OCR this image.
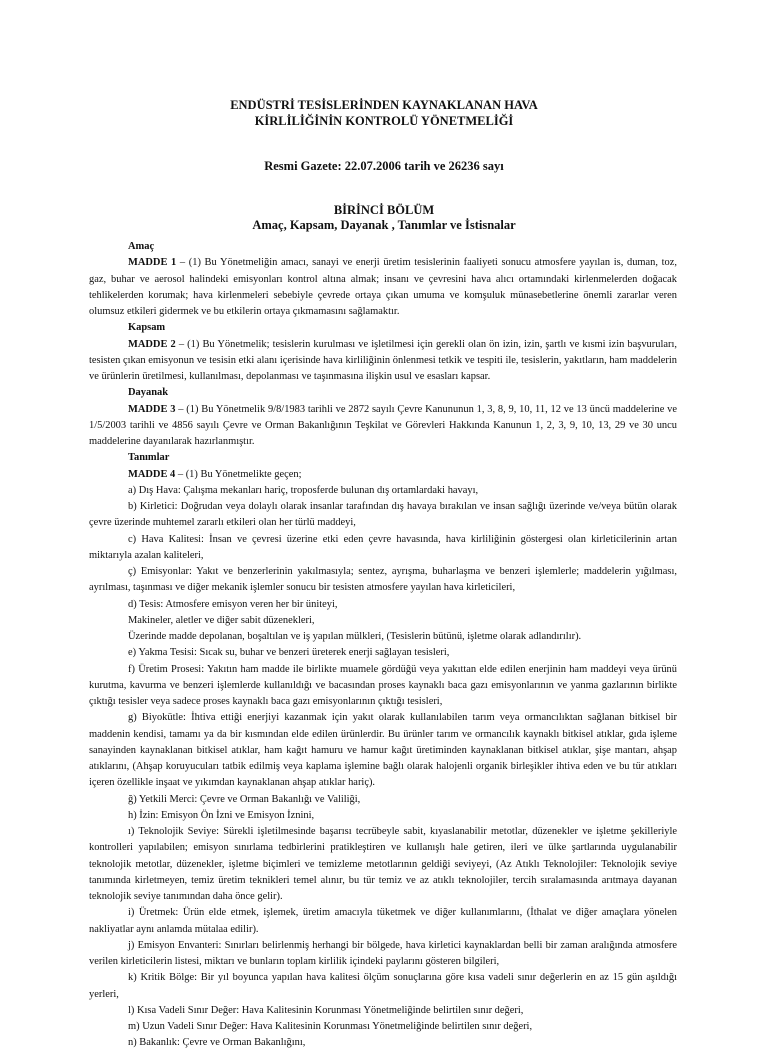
ENDÜSTRİ TESİSLERİNDEN KAYNAKLANAN HAVA
KİRLİLİĞİNİN KONTROLÜ YÖNETMELİĞİ
Resmi Gazete: 22.07.2006 tarih ve 26236 sayı
BİRİNCİ BÖLÜM
Amaç, Kapsam, Dayanak , Tanımlar ve İstisnalar

Amaç

MADDE 1 – (1) Bu Yönetmeliğin amacı, sanayi ve enerji üretim tesislerinin faaliyeti sonucu atmosfere yayılan is, duman, toz, gaz, buhar ve aerosol halindeki emisyonları kontrol altına almak; insanı ve çevresini hava alıcı ortamındaki kirlenmelerden doğacak tehlikelerden korumak; hava kirlenmeleri sebebiyle çevrede ortaya çıkan umuma ve komşuluk münasebetlerine önemli zararlar veren olumsuz etkileri gidermek ve bu etkilerin ortaya çıkmamasını sağlamaktır.

Kapsam

MADDE 2 – (1) Bu Yönetmelik; tesislerin kurulması ve işletilmesi için gerekli olan ön izin, izin, şartlı ve kısmi izin başvuruları, tesisten çıkan emisyonun ve tesisin etki alanı içerisinde hava kirliliğinin önlenmesi tetkik ve tespiti ile, tesislerin, yakıtların, ham maddelerin ve ürünlerin üretilmesi, kullanılması, depolanması ve taşınmasına ilişkin usul ve esasları kapsar.

Dayanak

MADDE 3 – (1) Bu Yönetmelik 9/8/1983 tarihli ve 2872 sayılı Çevre Kanununun 1, 3, 8, 9, 10, 11, 12 ve 13 üncü maddelerine ve 1/5/2003 tarihli ve 4856 sayılı Çevre ve Orman Bakanlığının Teşkilat ve Görevleri Hakkında Kanunun 1, 2, 3, 9, 10, 13, 29 ve 30 uncu maddelerine dayanılarak hazırlanmıştır.

Tanımlar

MADDE 4 – (1) Bu Yönetmelikte geçen;

a) Dış Hava: Çalışma mekanları hariç, troposferde bulunan dış ortamlardaki havayı,

b) Kirletici: Doğrudan veya dolaylı olarak insanlar tarafından dış havaya bırakılan ve insan sağlığı üzerinde ve/veya bütün olarak çevre üzerinde muhtemel zararlı etkileri olan her türlü maddeyi,

c) Hava Kalitesi: İnsan ve çevresi üzerine etki eden çevre havasında, hava kirliliğinin göstergesi olan kirleticilerinin artan miktarıyla azalan kaliteleri,

ç) Emisyonlar: Yakıt ve benzerlerinin yakılmasıyla; sentez, ayrışma, buharlaşma ve benzeri işlemlerle; maddelerin yığılması, ayrılması, taşınması ve diğer mekanik işlemler sonucu bir tesisten atmosfere yayılan hava kirleticileri,

d) Tesis: Atmosfere emisyon veren her bir üniteyi,

Makineler, aletler ve diğer sabit düzenekleri,

Üzerinde madde depolanan, boşaltılan ve iş yapılan mülkleri, (Tesislerin bütünü, işletme olarak adlandırılır).

e) Yakma Tesisi: Sıcak su, buhar ve benzeri üreterek enerji sağlayan tesisleri,

f) Üretim Prosesi: Yakıtın ham madde ile birlikte muamele gördüğü veya yakıttan elde edilen enerjinin ham maddeyi veya ürünü kurutma, kavurma ve benzeri işlemlerde kullanıldığı ve bacasından proses kaynaklı baca gazı emisyonlarının ve yanma gazlarının birlikte çıktığı tesisler veya sadece proses kaynaklı baca gazı emisyonlarının çıktığı tesisleri,

g) Biyokütle: İhtiva ettiği enerjiyi kazanmak için yakıt olarak kullanılabilen tarım veya ormancılıktan sağlanan bitkisel bir maddenin kendisi, tamamı ya da bir kısmından elde edilen ürünlerdir. Bu ürünler tarım ve ormancılık kaynaklı bitkisel atıklar, gıda işleme sanayinden kaynaklanan bitkisel atıklar, ham kağıt hamuru ve hamur kağıt üretiminden kaynaklanan bitkisel atıklar, şişe mantarı, ahşap atıklarını, (Ahşap koruyucuları tatbik edilmiş veya kaplama işlemine bağlı olarak halojenli organik birleşikler ihtiva eden ve bu tür atıkları içeren özellikle inşaat ve yıkımdan kaynaklanan ahşap atıklar hariç).

ğ) Yetkili Merci: Çevre ve Orman Bakanlığı ve Valiliği,

h) İzin: Emisyon Ön İzni ve Emisyon İznini,

ı) Teknolojik Seviye: Sürekli işletilmesinde başarısı tecrübeyle sabit, kıyaslanabilir metotlar, düzenekler ve işletme şekilleriyle kontrolleri yapılabilen; emisyon sınırlama tedbirlerini pratikleştiren ve kullanışlı hale getiren, ileri ve ülke şartlarında uygulanabilir teknolojik metotlar, düzenekler, işletme biçimleri ve temizleme metotlarının geldiği seviyeyi, (Az Atıklı Teknolojiler: Teknolojik seviye tanımında kirletmeyen, temiz üretim teknikleri temel alınır, bu tür temiz ve az atıklı teknolojiler, tercih sıralamasında arıtmaya dayanan teknolojik seviye tanımından daha önce gelir).

i) Üretmek: Ürün elde etmek, işlemek, üretim amacıyla tüketmek ve diğer kullanımlarını, (İthalat ve diğer amaçlara yönelen nakliyatlar aynı anlamda mütalaa edilir).

j) Emisyon Envanteri: Sınırları belirlenmiş herhangi bir bölgede, hava kirletici kaynaklardan belli bir zaman aralığında atmosfere verilen kirleticilerin listesi, miktarı ve bunların toplam kirlilik içindeki paylarını gösteren bilgileri,

k) Kritik Bölge: Bir yıl boyunca yapılan hava kalitesi ölçüm sonuçlarına göre kısa vadeli sınır değerlerin en az 15 gün aşıldığı yerleri,

l) Kısa Vadeli Sınır Değer: Hava Kalitesinin Korunması Yönetmeliğinde belirtilen sınır değeri,

m) Uzun Vadeli Sınır Değer: Hava Kalitesinin Korunması Yönetmeliğinde belirtilen sınır değeri,

n) Bakanlık: Çevre ve Orman Bakanlığını,
